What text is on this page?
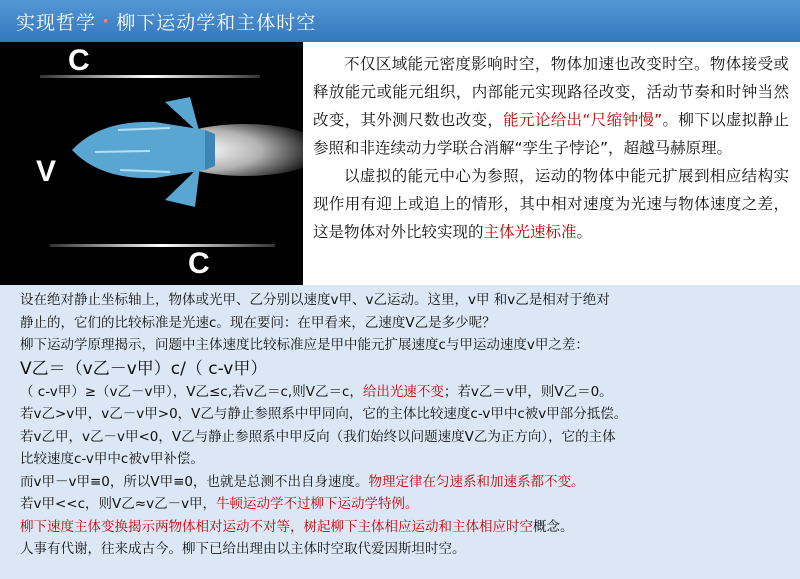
实现哲学 · 柳下运动学和主体时空
C
V
C

不仅区域能元密度影响时空，物体加速也改变时空。物体接受或释放能元或能元组织，内部能元实现路径改变，活动节奏和时钟当然改变，其外测尺数也改变，能元论给出“尺缩钟慢”。柳下以虚拟静止参照和非连续动力学联合消解“孪生子悖论”，超越马赫原理。

以虚拟的能元中心为参照，运动的物体中能元扩展到相应结构实现作用有迎上或追上的情形，其中相对速度为光速与物体速度之差，这是物体对外比较实现的主体光速标准。

设在绝对静止坐标轴上，物体或光甲、乙分别以速度v甲、v乙运动。这里，v甲 和v乙是相对于绝对
静止的，它们的比较标准是光速c。现在要问：在甲看来，乙速度V乙是多少呢？
柳下运动学原理揭示，问题中主体速度比较标准应是甲中能元扩展速度c与甲运动速度v甲之差：
V乙＝（v乙－v甲）c/（ c-v甲）
（ c-v甲）≥（v乙－v甲），V乙≤c,若v乙＝c,则V乙＝c，给出光速不变；若v乙＝v甲，则V乙＝0。
若v乙>v甲，v乙－v甲>0，V乙与静止参照系中甲同向，它的主体比较速度c-v甲中c被v甲部分抵偿。
若v乙甲，v乙－v甲<0，V乙与静止参照系中甲反向（我们始终以问题速度V乙为正方向），它的主体
比较速度c-v甲中c被v甲补偿。
而v甲－v甲≡0，所以V甲≡0，也就是总测不出自身速度。物理定律在匀速系和加速系都不变。
若v甲<<c，则V乙≈v乙－v甲，牛顿运动学不过柳下运动学特例。
柳下速度主体变换揭示两物体相对运动不对等，树起柳下主体相应运动和主体相应时空概念。
人事有代谢，往来成古今。柳下已给出理由以主体时空取代爱因斯坦时空。
